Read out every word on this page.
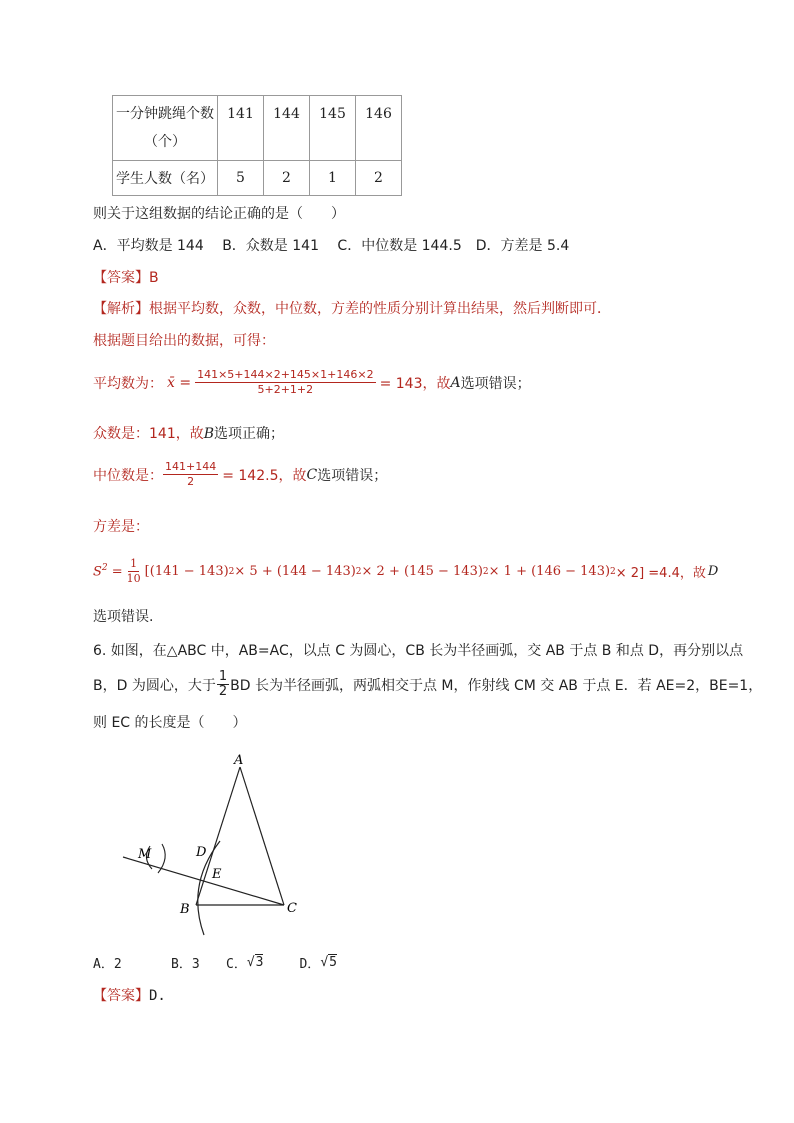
一分钟跳绳个数
（个）	141	144	145	146
学生人数（名）	5	2	1	2
则关于这组数据的结论正确的是（　　）
A．平均数是 144　 B．众数是 141　 C．中位数是 144.5　D．方差是 5.4
【答案】B
【解析】根据平均数，众数，中位数，方差的性质分别计算出结果，然后判断即可．
根据题目给出的数据，可得：
平均数为： x̄ = $\frac{141\times 5+144\times 2+145\times 1+146\times 2}{5+2+1+2} = 143$，故 A 选项错误；
众数是：141，故B选项正确；
中位数是： $\frac{141+144}{2} = 142.5$，故 C 选项错误；
方差是：
$S^2 = \frac{1}{10} [(141 - 143) 2 \times 5 + (144 - 143) 2 \times 2 + (145 - 143) 2 \times 1 + (146 - 143) 2 \times 2] =4.4$，故 D
选项错误.
6. 如图，在△ABC 中，AB=AC，以点 C 为圆心，CB 长为半径画弧，交 AB 于点 B 和点 D，再分别以点
B，D 为圆心，大于 $\frac{1}{2}$ BD 长为半径画弧，两弧相交于点 M，作射线 CM 交 AB 于点 E．若 AE=2，BE=1，
则 EC 的长度是（　　）
A
B	C
D
E
M
A．2	B．3	C． √3	D． √5
【答案】D.
